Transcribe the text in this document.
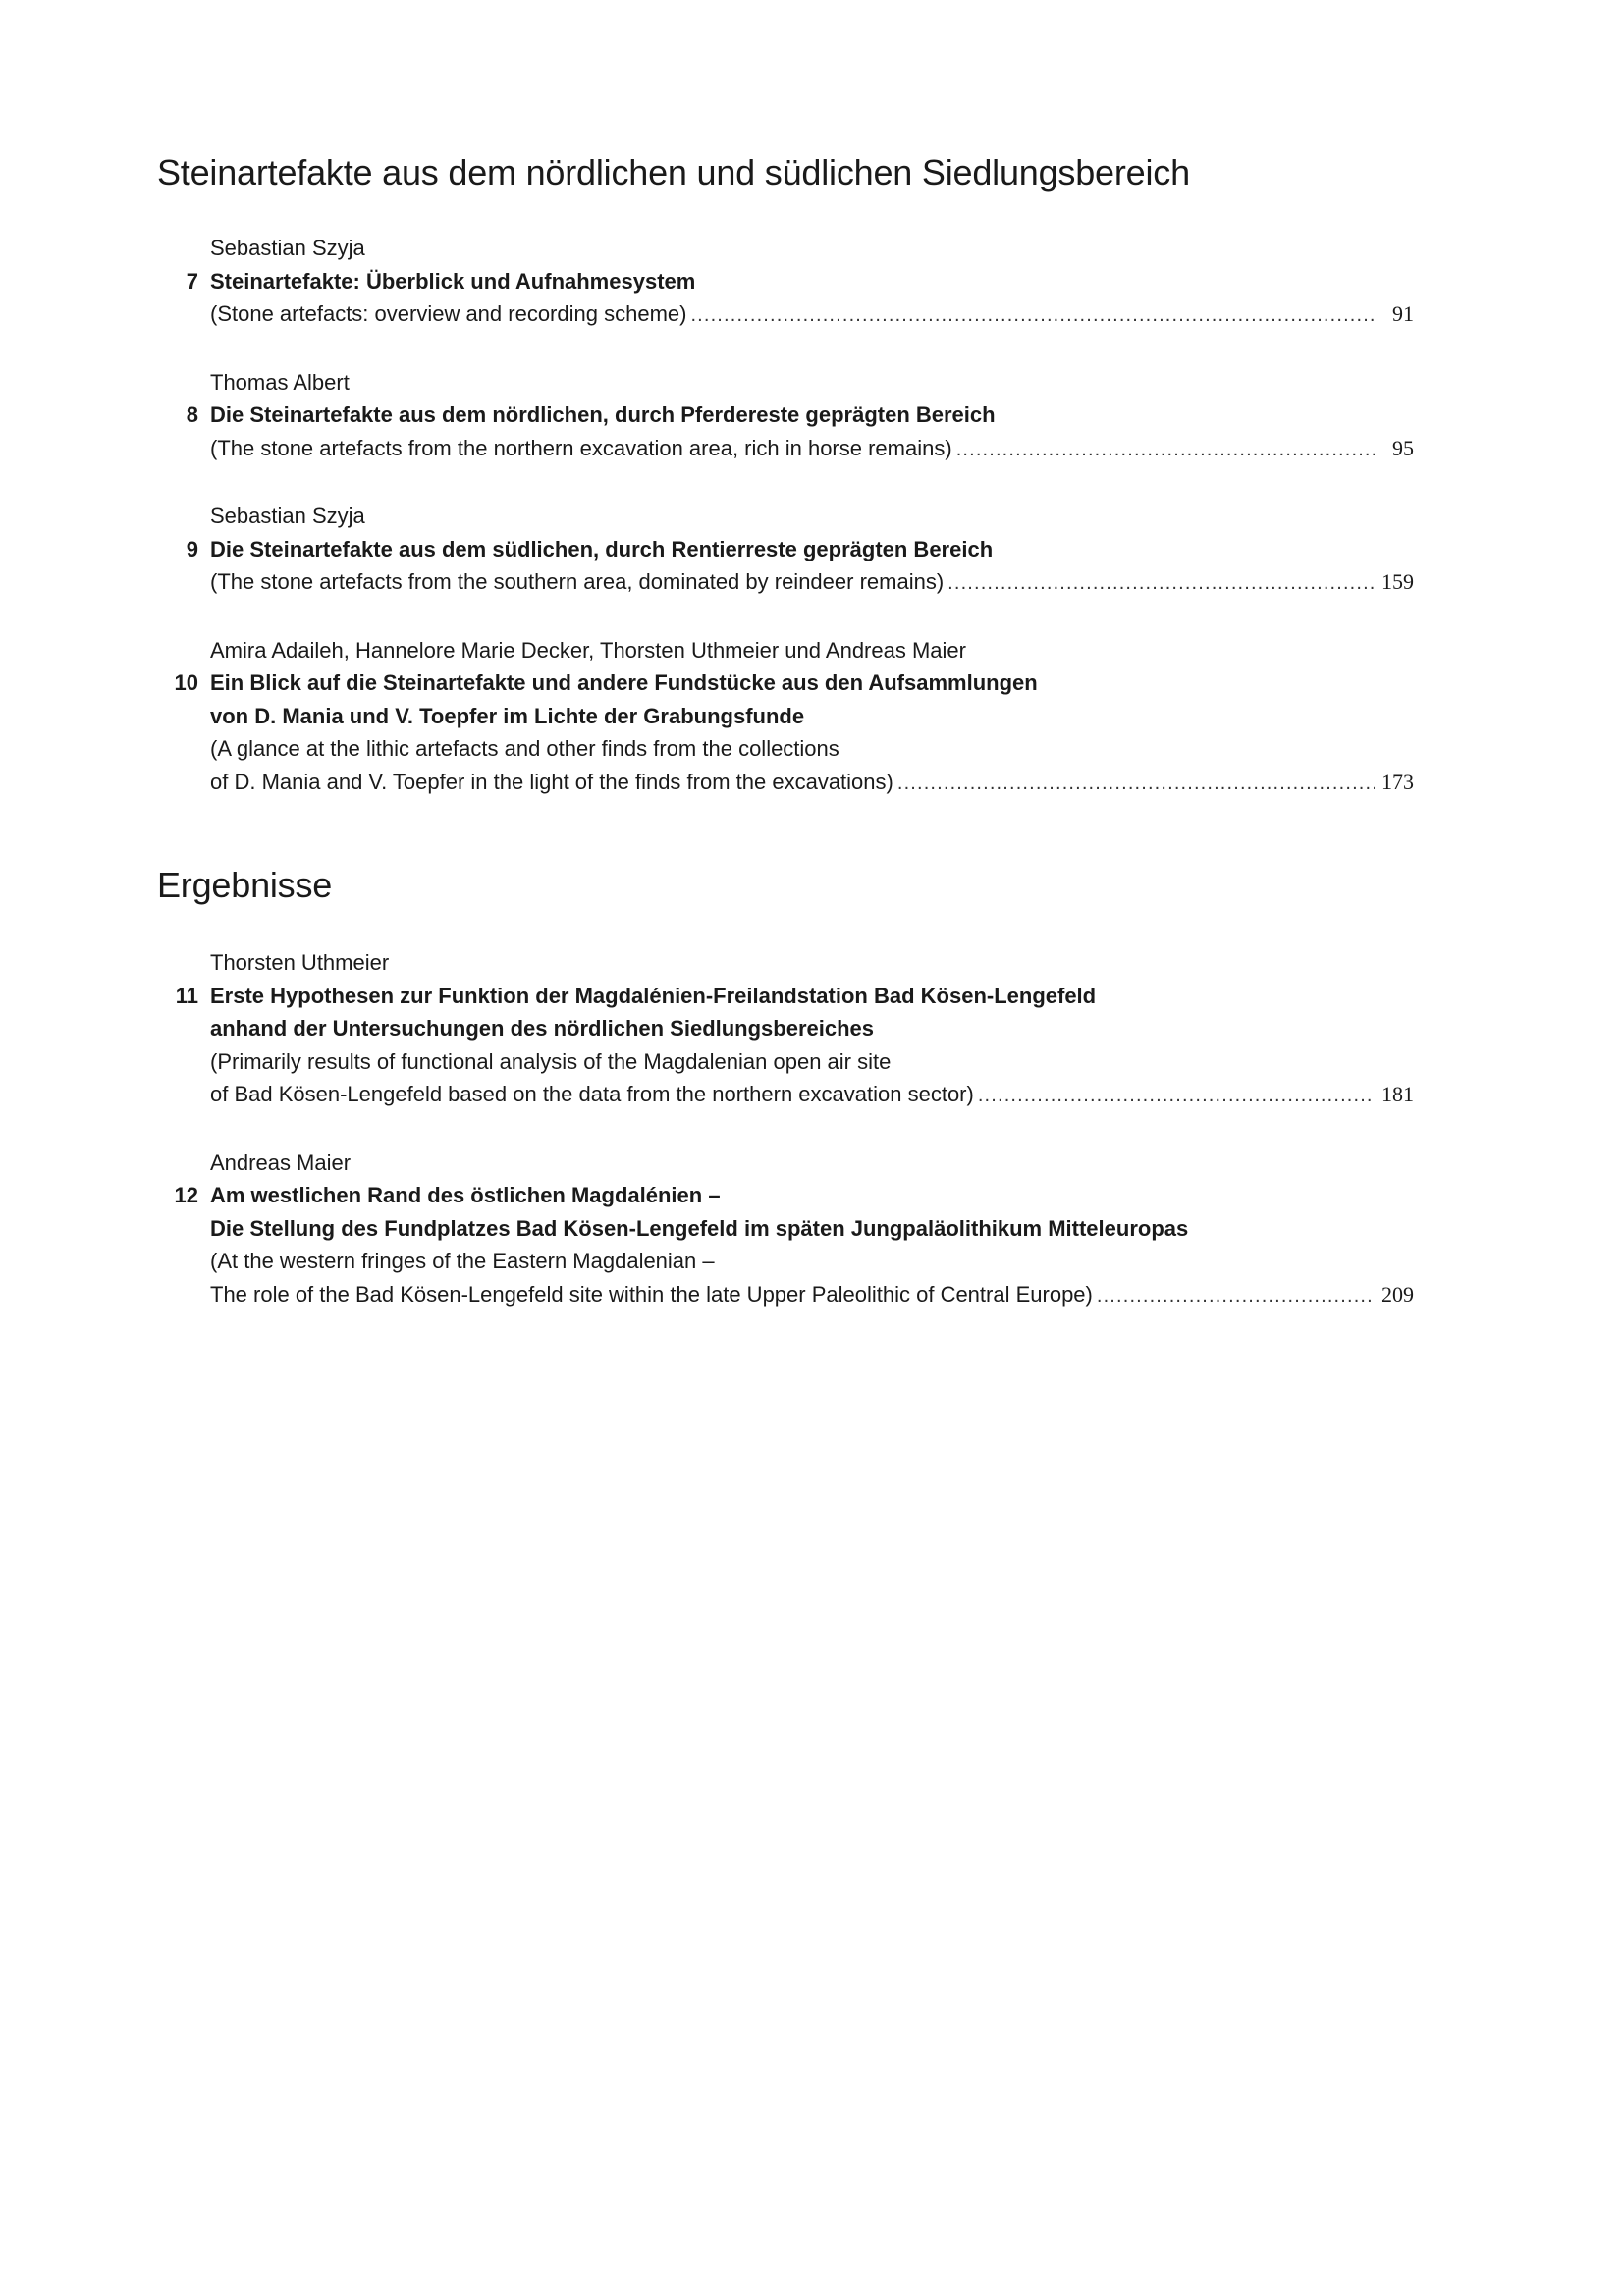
Steinartefakte aus dem nördlichen und südlichen Siedlungsbereich
Sebastian Szyja
7 Steinartefakte: Überblick und Aufnahmesystem
(Stone artefacts: overview and recording scheme) . . .	91
Thomas Albert
8 Die Steinartefakte aus dem nördlichen, durch Pferdereste geprägten Bereich
(The stone artefacts from the northern excavation area, rich in horse remains) . . .	95
Sebastian Szyja
9 Die Steinartefakte aus dem südlichen, durch Rentierreste geprägten Bereich
(The stone artefacts from the southern area, dominated by reindeer remains) . . .	159
Amira Adaileh, Hannelore Marie Decker, Thorsten Uthmeier und Andreas Maier
10 Ein Blick auf die Steinartefakte und andere Fundstücke aus den Aufsammlungen
von D. Mania und V. Toepfer im Lichte der Grabungsfunde
(A glance at the lithic artefacts and other finds from the collections
of D. Mania and V. Toepfer in the light of the finds from the excavations) . . .	173
Ergebnisse
Thorsten Uthmeier
11 Erste Hypothesen zur Funktion der Magdalénien-Freilandstation Bad Kösen-Lengefeld
anhand der Untersuchungen des nördlichen Siedlungsbereiches
(Primarily results of functional analysis of the Magdalenian open air site
of Bad Kösen-Lengefeld based on the data from the northern excavation sector) . . .	181
Andreas Maier
12 Am westlichen Rand des östlichen Magdalénien –
Die Stellung des Fundplatzes Bad Kösen-Lengefeld im späten Jungpaläolithikum Mitteleuropas
(At the western fringes of the Eastern Magdalenian –
The role of the Bad Kösen-Lengefeld site within the late Upper Paleolithic of Central Europe) . . .	209
